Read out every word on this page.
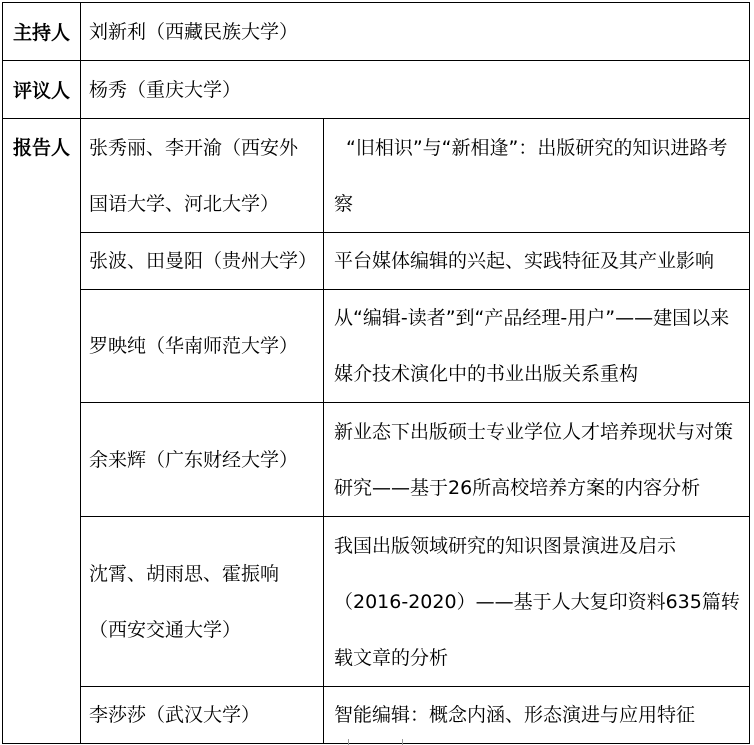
主持人	刘新利（西藏民族大学）	
评议人	杨秀（重庆大学）	
报告人	张秀丽、李开渝（西安外国语大学、河北大学）	“旧相识”与“新相逢”：出版研究的知识进路考察
	张波、田曼阳（贵州大学）	平台媒体编辑的兴起、实践特征及其产业影响
	罗映纯（华南师范大学）	从“编辑-读者”到“产品经理-用户”——建国以来媒介技术演化中的书业出版关系重构
	余来辉（广东财经大学）	新业态下出版硕士专业学位人才培养现状与对策研究——基于26所高校培养方案的内容分析
	沈霄、胡雨思、霍振响（西安交通大学）	我国出版领域研究的知识图景演进及启示（2016-2020）——基于人大复印资料635篇转载文章的分析
	李莎莎（武汉大学）	智能编辑：概念内涵、形态演进与应用特征
